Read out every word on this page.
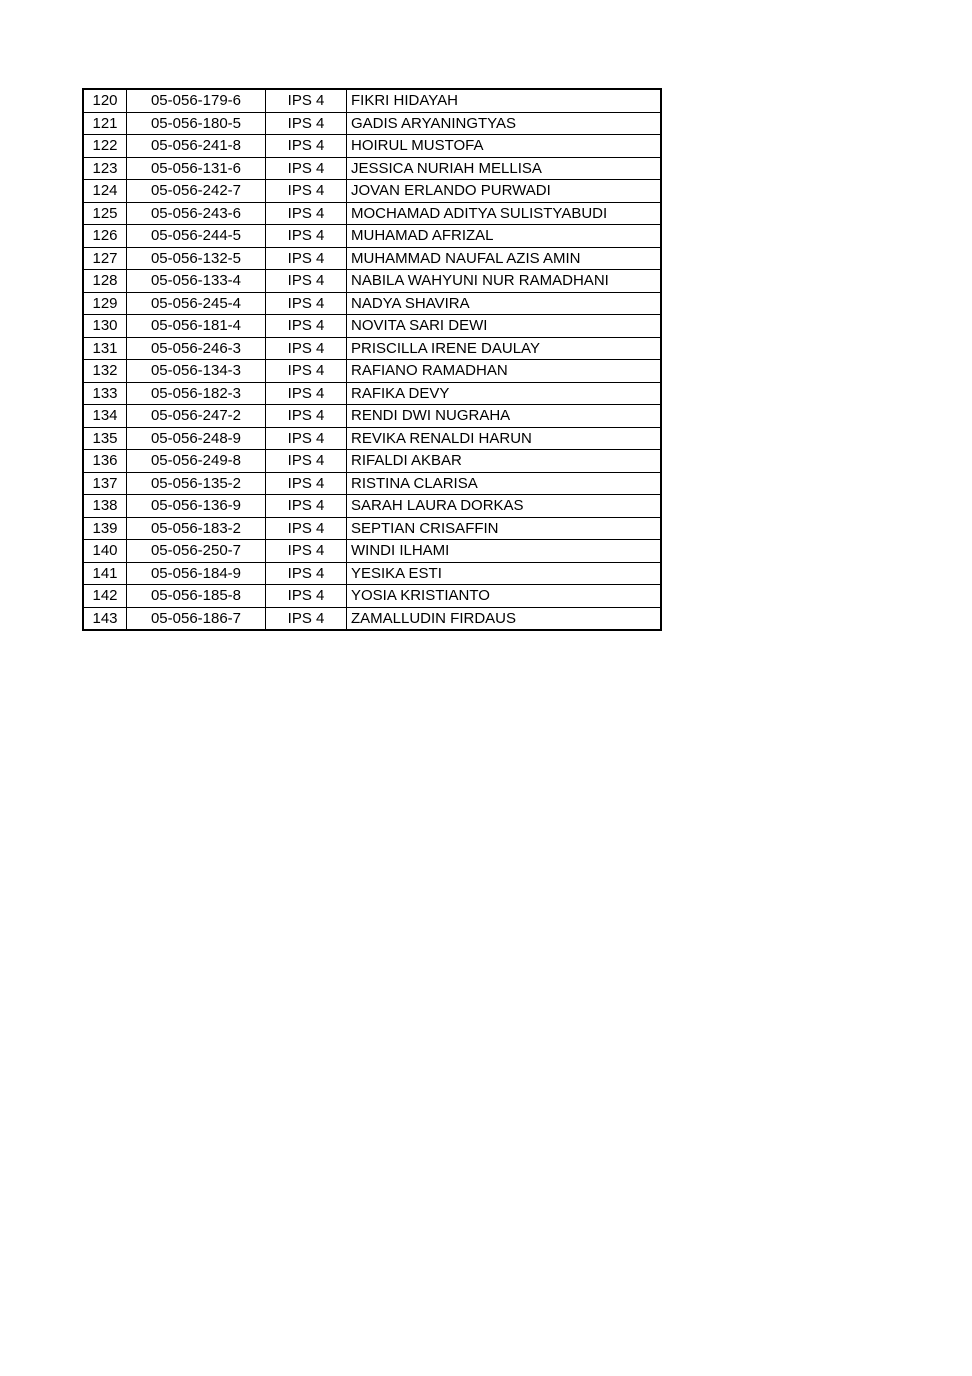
120	05-056-179-6	IPS 4	FIKRI HIDAYAH
121	05-056-180-5	IPS 4	GADIS ARYANINGTYAS
122	05-056-241-8	IPS 4	HOIRUL MUSTOFA
123	05-056-131-6	IPS 4	JESSICA NURIAH MELLISA
124	05-056-242-7	IPS 4	JOVAN ERLANDO PURWADI
125	05-056-243-6	IPS 4	MOCHAMAD ADITYA SULISTYABUDI
126	05-056-244-5	IPS 4	MUHAMAD AFRIZAL
127	05-056-132-5	IPS 4	MUHAMMAD NAUFAL AZIS AMIN
128	05-056-133-4	IPS 4	NABILA WAHYUNI NUR RAMADHANI
129	05-056-245-4	IPS 4	NADYA SHAVIRA
130	05-056-181-4	IPS 4	NOVITA SARI DEWI
131	05-056-246-3	IPS 4	PRISCILLA IRENE DAULAY
132	05-056-134-3	IPS 4	RAFIANO RAMADHAN
133	05-056-182-3	IPS 4	RAFIKA DEVY
134	05-056-247-2	IPS 4	RENDI DWI NUGRAHA
135	05-056-248-9	IPS 4	REVIKA RENALDI HARUN
136	05-056-249-8	IPS 4	RIFALDI AKBAR
137	05-056-135-2	IPS 4	RISTINA CLARISA
138	05-056-136-9	IPS 4	SARAH LAURA DORKAS
139	05-056-183-2	IPS 4	SEPTIAN CRISAFFIN
140	05-056-250-7	IPS 4	WINDI ILHAMI
141	05-056-184-9	IPS 4	YESIKA ESTI
142	05-056-185-8	IPS 4	YOSIA KRISTIANTO
143	05-056-186-7	IPS 4	ZAMALLUDIN FIRDAUS
